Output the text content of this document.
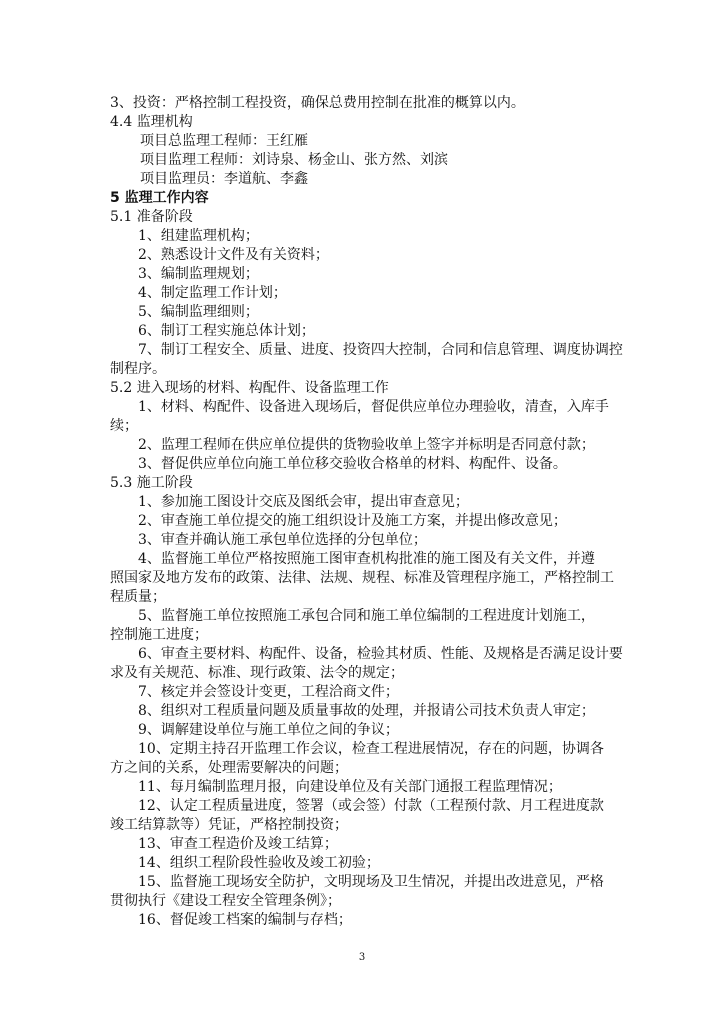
3、投资：严格控制工程投资，确保总费用控制在批准的概算以内。
4.4 监理机构
项目总监理工程师：王红雁
项目监理工程师：刘诗泉、杨金山、张方然、刘滨
项目监理员：李道航、李鑫
5 监理工作内容
5.1 准备阶段
1、组建监理机构；
2、熟悉设计文件及有关资料；
3、编制监理规划；
4、制定监理工作计划；
5、编制监理细则；
6、制订工程实施总体计划；
7、制订工程安全、质量、进度、投资四大控制，合同和信息管理、调度协调控
制程序。
5.2 进入现场的材料、构配件、设备监理工作
1、材料、构配件、设备进入现场后，督促供应单位办理验收，清查，入库手
续；
2、监理工程师在供应单位提供的货物验收单上签字并标明是否同意付款；
3、督促供应单位向施工单位移交验收合格单的材料、构配件、设备。
5.3 施工阶段
1、参加施工图设计交底及图纸会审，提出审查意见；
2、审查施工单位提交的施工组织设计及施工方案，并提出修改意见；
3、审查并确认施工承包单位选择的分包单位；
4、监督施工单位严格按照施工图审查机构批准的施工图及有关文件，并遵
照国家及地方发布的政策、法律、法规、规程、标准及管理程序施工，严格控制工
程质量；
5、监督施工单位按照施工承包合同和施工单位编制的工程进度计划施工，
控制施工进度；
6、审查主要材料、构配件、设备，检验其材质、性能、及规格是否满足设计要
求及有关规范、标准、现行政策、法令的规定；
7、核定并会签设计变更，工程洽商文件；
8、组织对工程质量问题及质量事故的处理，并报请公司技术负责人审定；
9、调解建设单位与施工单位之间的争议；
10、定期主持召开监理工作会议，检查工程进展情况，存在的问题，协调各
方之间的关系，处理需要解决的问题；
11、每月编制监理月报，向建设单位及有关部门通报工程监理情况；
12、认定工程质量进度，签署（或会签）付款（工程预付款、月工程进度款
竣工结算款等）凭证，严格控制投资；
13、审查工程造价及竣工结算；
14、组织工程阶段性验收及竣工初验；
15、监督施工现场安全防护，文明现场及卫生情况，并提出改进意见，严格
贯彻执行《建设工程安全管理条例》；
16、督促竣工档案的编制与存档；
3
